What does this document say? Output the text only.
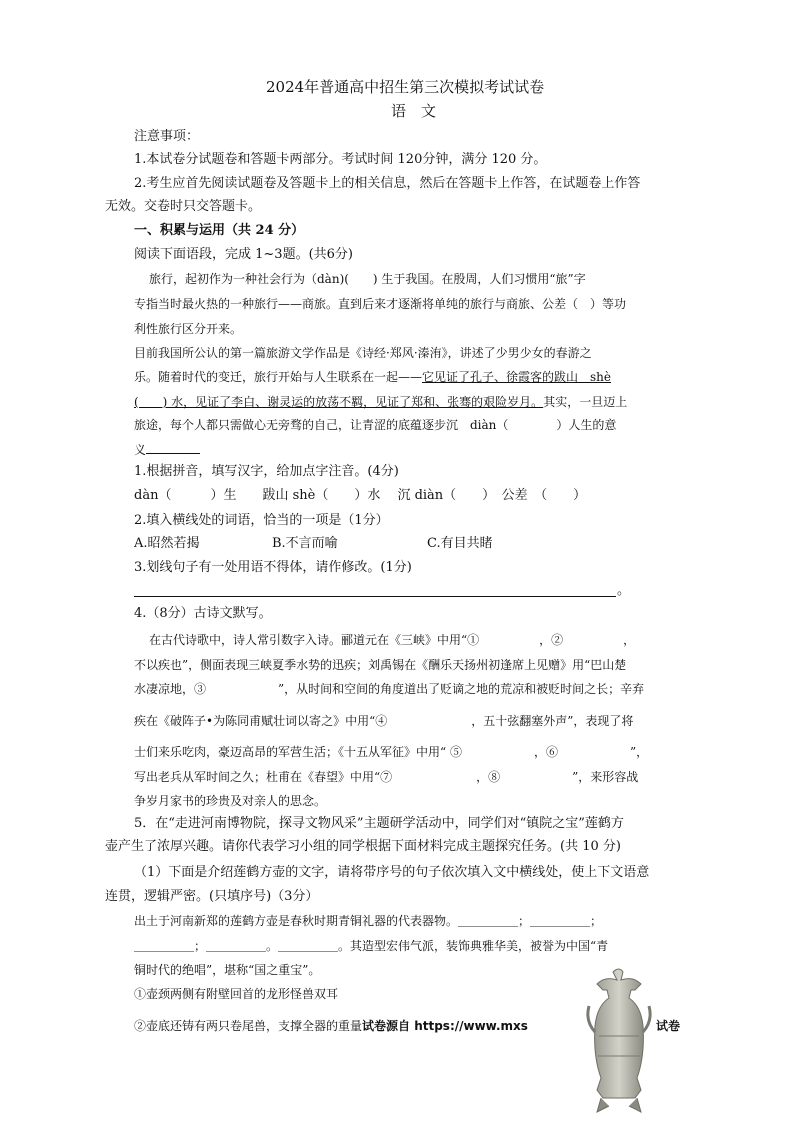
2024年普通高中招生第三次模拟考试试卷
语　文
注意事项：
1.本试卷分试题卷和答题卡两部分。考试时间 120分钟，满分 120 分。
2.考生应首先阅读试题卷及答题卡上的相关信息，然后在答题卡上作答，在试题卷上作答
无效。交卷时只交答题卡。
一、积累与运用（共 24 分）
阅读下面语段，完成 1~3题。(共6分)
旅行，起初作为一种社会行为（dàn)(　　) 生于我国。在殷周，人们习惯用“旅”字
专指当时最火热的一种旅行——商旅。直到后来才逐渐将单纯的旅行与商旅、公差（　）等功
利性旅行区分开来。
目前我国所公认的第一篇旅游文学作品是《诗经·郑风·溱洧》，讲述了少男少女的春游之
乐。随着时代的变迁，旅行开始与人生联系在一起——它见证了孔子、徐霞客的跋山　shè
(　　) 水，见证了李白、谢灵运的放荡不羁，见证了郑和、张骞的艰险岁月。其实，一旦迈上
旅途，每个人都只需做心无旁骛的自己，让青涩的底蕴逐步沉　diàn（　　　　）人生的意
义
1.根据拼音，填写汉字，给加点字注音。(4分)
dàn（　　　）生　　跋山 shè（　　）水　 沉 diàn（　　）　公差　（　　）
2.填入横线处的词语，恰当的一项是（1分）
A.昭然若揭	B.不言而喻	C.有目共睹
3.划线句子有一处用语不得体，请作修改。(1分)
。
4.（8分）古诗文默写。
在古代诗歌中，诗人常引数字入诗。郦道元在《三峡》中用“①　　　　　，②　　　　　，
不以疾也”，侧面表现三峡夏季水势的迅疾；刘禹锡在《酬乐天扬州初逢席上见赠》用“巴山楚
水凄凉地，③　　　　　　”，从时间和空间的角度道出了贬谪之地的荒凉和被贬时间之长；辛弃
疾在《破阵子•为陈同甫赋壮词以寄之》中用“④　　　　　　　，五十弦翻塞外声”，表现了将
士们来乐吃肉，豪迈高昂的军营生活；《十五从军征》中用“ ⑤　　　　　　，⑥　　　　　　”，
写出老兵从军时间之久；杜甫在《春望》中用“⑦　　　　　　　，⑧　　　　　　”，来形容战
争岁月家书的珍贵及对亲人的思念。
5．在“走进河南博物院，探寻文物风采”主题研学活动中，同学们对“镇院之宝”莲鹤方
壶产生了浓厚兴趣。请你代表学习小组的同学根据下面材料完成主题探究任务。(共 10 分)
（1）下面是介绍莲鹤方壶的文字，请将带序号的句子依次填入文中横线处，使上下文语意
连贯，逻辑严密。(只填序号)（3分）
出土于河南新郑的莲鹤方壶是春秋时期青铜礼器的代表器物。＿＿＿＿＿；＿＿＿＿＿；
＿＿＿＿＿；＿＿＿＿＿。＿＿＿＿＿。其造型宏伟气派，装饰典雅华美，被誉为中国“青
铜时代的绝唱”，堪称“国之重宝”。
①壶颈两侧有附壁回首的龙形怪兽双耳
②壶底还铸有两只卷尾兽，支撑全器的重量试卷源自 https://www.mxs	试卷
